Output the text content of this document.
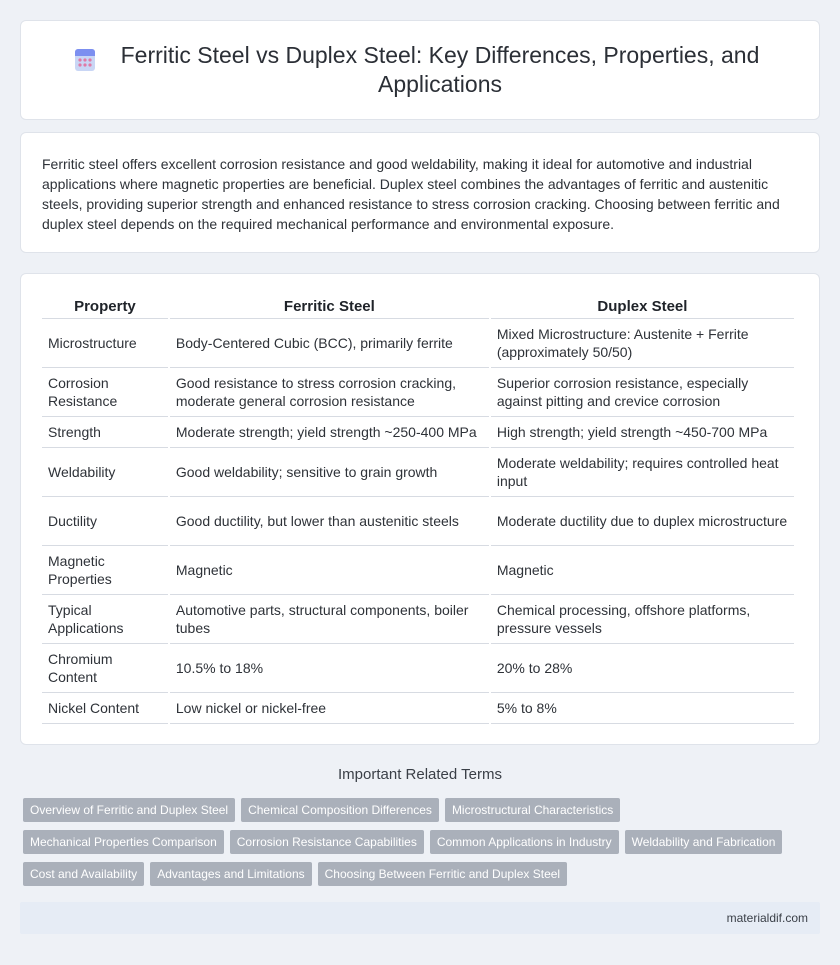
Ferritic Steel vs Duplex Steel: Key Differences, Properties, and Applications

Ferritic steel offers excellent corrosion resistance and good weldability, making it ideal for automotive and industrial applications where magnetic properties are beneficial. Duplex steel combines the advantages of ferritic and austenitic steels, providing superior strength and enhanced resistance to stress corrosion cracking. Choosing between ferritic and duplex steel depends on the required mechanical performance and environmental exposure.

Property	Ferritic Steel	Duplex Steel
Microstructure	Body-Centered Cubic (BCC), primarily ferrite	Mixed Microstructure: Austenite + Ferrite (approximately 50/50)
Corrosion Resistance	Good resistance to stress corrosion cracking, moderate general corrosion resistance	Superior corrosion resistance, especially against pitting and crevice corrosion
Strength	Moderate strength; yield strength ~250-400 MPa	High strength; yield strength ~450-700 MPa
Weldability	Good weldability; sensitive to grain growth	Moderate weldability; requires controlled heat input
Ductility	Good ductility, but lower than austenitic steels	Moderate ductility due to duplex microstructure
Magnetic Properties	Magnetic	Magnetic
Typical Applications	Automotive parts, structural components, boiler tubes	Chemical processing, offshore platforms, pressure vessels
Chromium Content	10.5% to 18%	20% to 28%
Nickel Content	Low nickel or nickel-free	5% to 8%
Important Related Terms
Overview of Ferritic and Duplex Steel	Chemical Composition Differences	Microstructural Characteristics
Mechanical Properties Comparison	Corrosion Resistance Capabilities	Common Applications in Industry	Weldability and Fabrication
Cost and Availability	Advantages and Limitations	Choosing Between Ferritic and Duplex Steel
materialdif.com
